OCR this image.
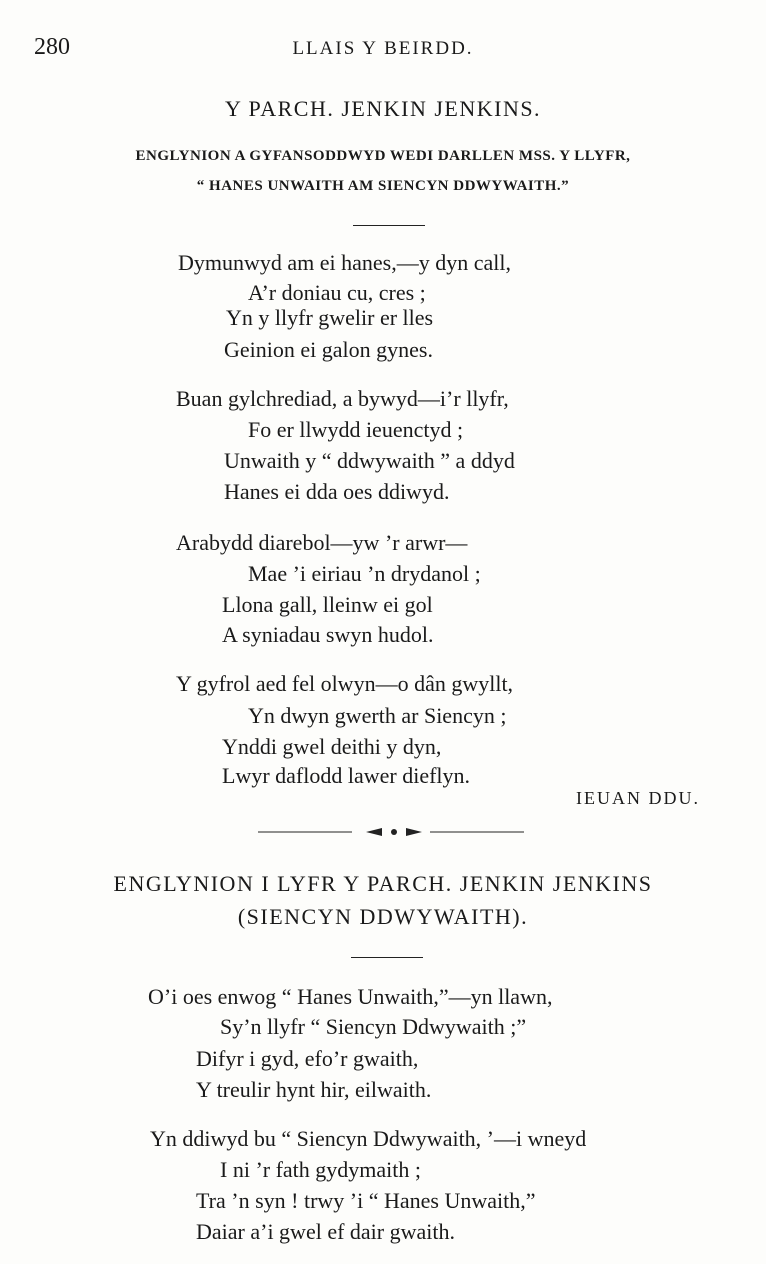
280	LLAIS Y BEIRDD.
Y PARCH. JENKIN JENKINS.
ENGLYNION A GYFANSODDWYD WEDI DARLLEN MSS. Y LLYFR,
“ HANES UNWAITH AM SIENCYN DDWYWAITH.”
Dymunwyd am ei hanes,—y dyn call,
A’r doniau cu, cres ;
Yn y llyfr gwelir er lles
Geinion ei galon gynes.
Buan gylchrediad, a bywyd—i’r llyfr,
Fo er llwydd ieuenctyd ;
Unwaith y “ ddwywaith ” a ddyd
Hanes ei dda oes ddiwyd.
Arabydd diarebol—yw ’r arwr—
Mae ’i eiriau ’n drydanol ;
Llona gall, lleinw ei gol
A syniadau swyn hudol.
Y gyfrol aed fel olwyn—o dân gwyllt,
Yn dwyn gwerth ar Siencyn ;
Ynddi gwel deithi y dyn,
Lwyr daflodd lawer dieflyn.
IEUAN DDU.
ENGLYNION I LYFR Y PARCH. JENKIN JENKINS
(SIENCYN DDWYWAITH).
O’i oes enwog “ Hanes Unwaith,”—yn llawn,
Sy’n llyfr “ Siencyn Ddwywaith ;”
Difyr i gyd, efo’r gwaith,
Y treulir hynt hir, eilwaith.
Yn ddiwyd bu “ Siencyn Ddwywaith, ’—i wneyd
I ni ’r fath gydymaith ;
Tra ’n syn ! trwy ’i “ Hanes Unwaith,”
Daiar a’i gwel ef dair gwaith.
